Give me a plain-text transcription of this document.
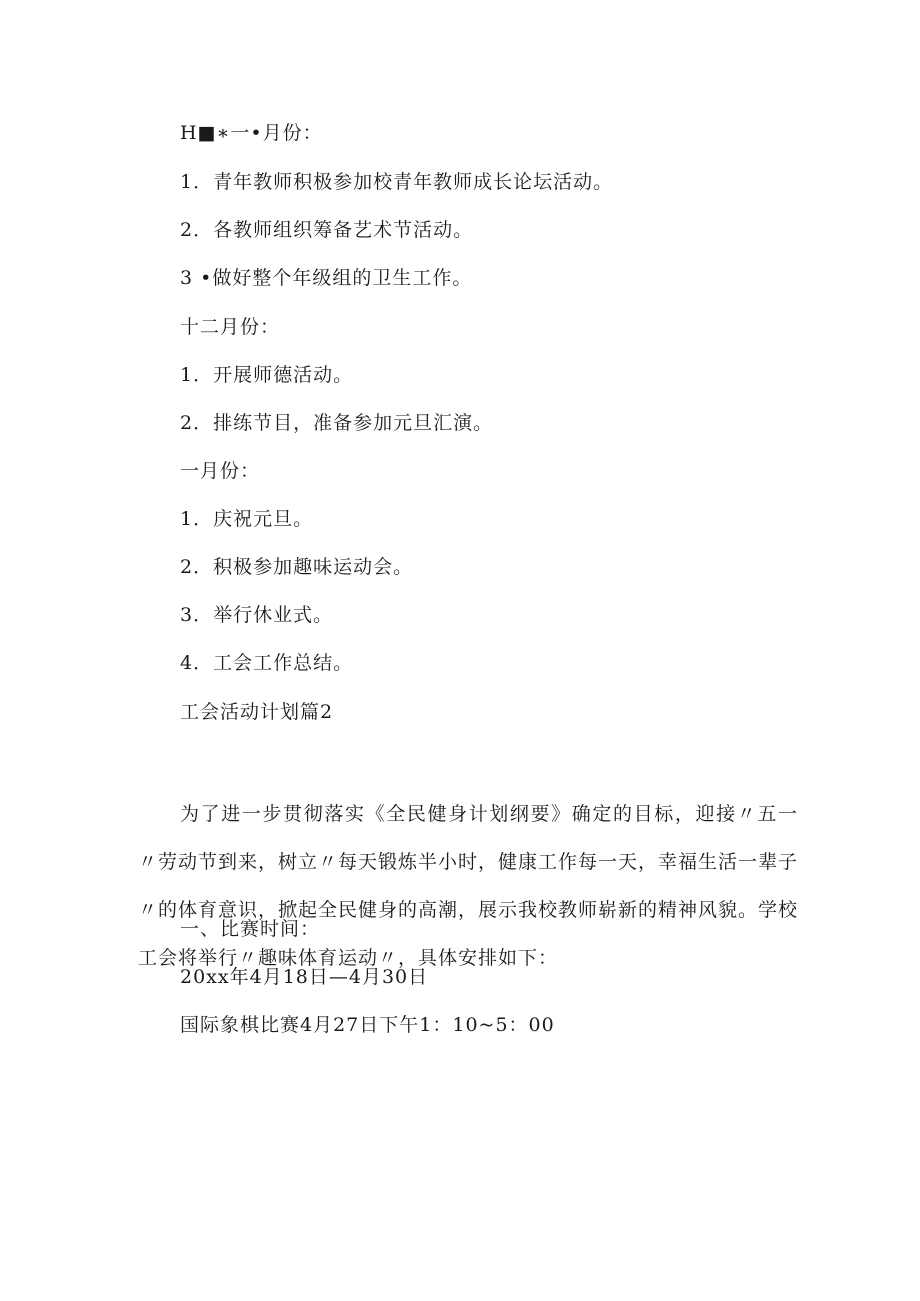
H■∗一•月份：
1．青年教师积极参加校青年教师成长论坛活动。
2．各教师组织筹备艺术节活动。
3 •做好整个年级组的卫生工作。
十二月份：
1．开展师德活动。
2．排练节目，准备参加元旦汇演。
一月份：
1．庆祝元旦。
2．积极参加趣味运动会。
3．举行休业式。
4．工会工作总结。
工会活动计划篇2
为了进一步贯彻落实《全民健身计划纲要》确定的目标，迎接〃五一〃劳动节到来，树立〃每天锻炼半小时，健康工作每一天，幸福生活一辈子〃的体育意识，掀起全民健身的高潮，展示我校教师崭新的精神风貌。学校工会将举行〃趣味体育运动〃，具体安排如下：
一、比赛时间：
20xx年4月18日—4月30日
国际象棋比赛4月27日下午1：10~5：00
